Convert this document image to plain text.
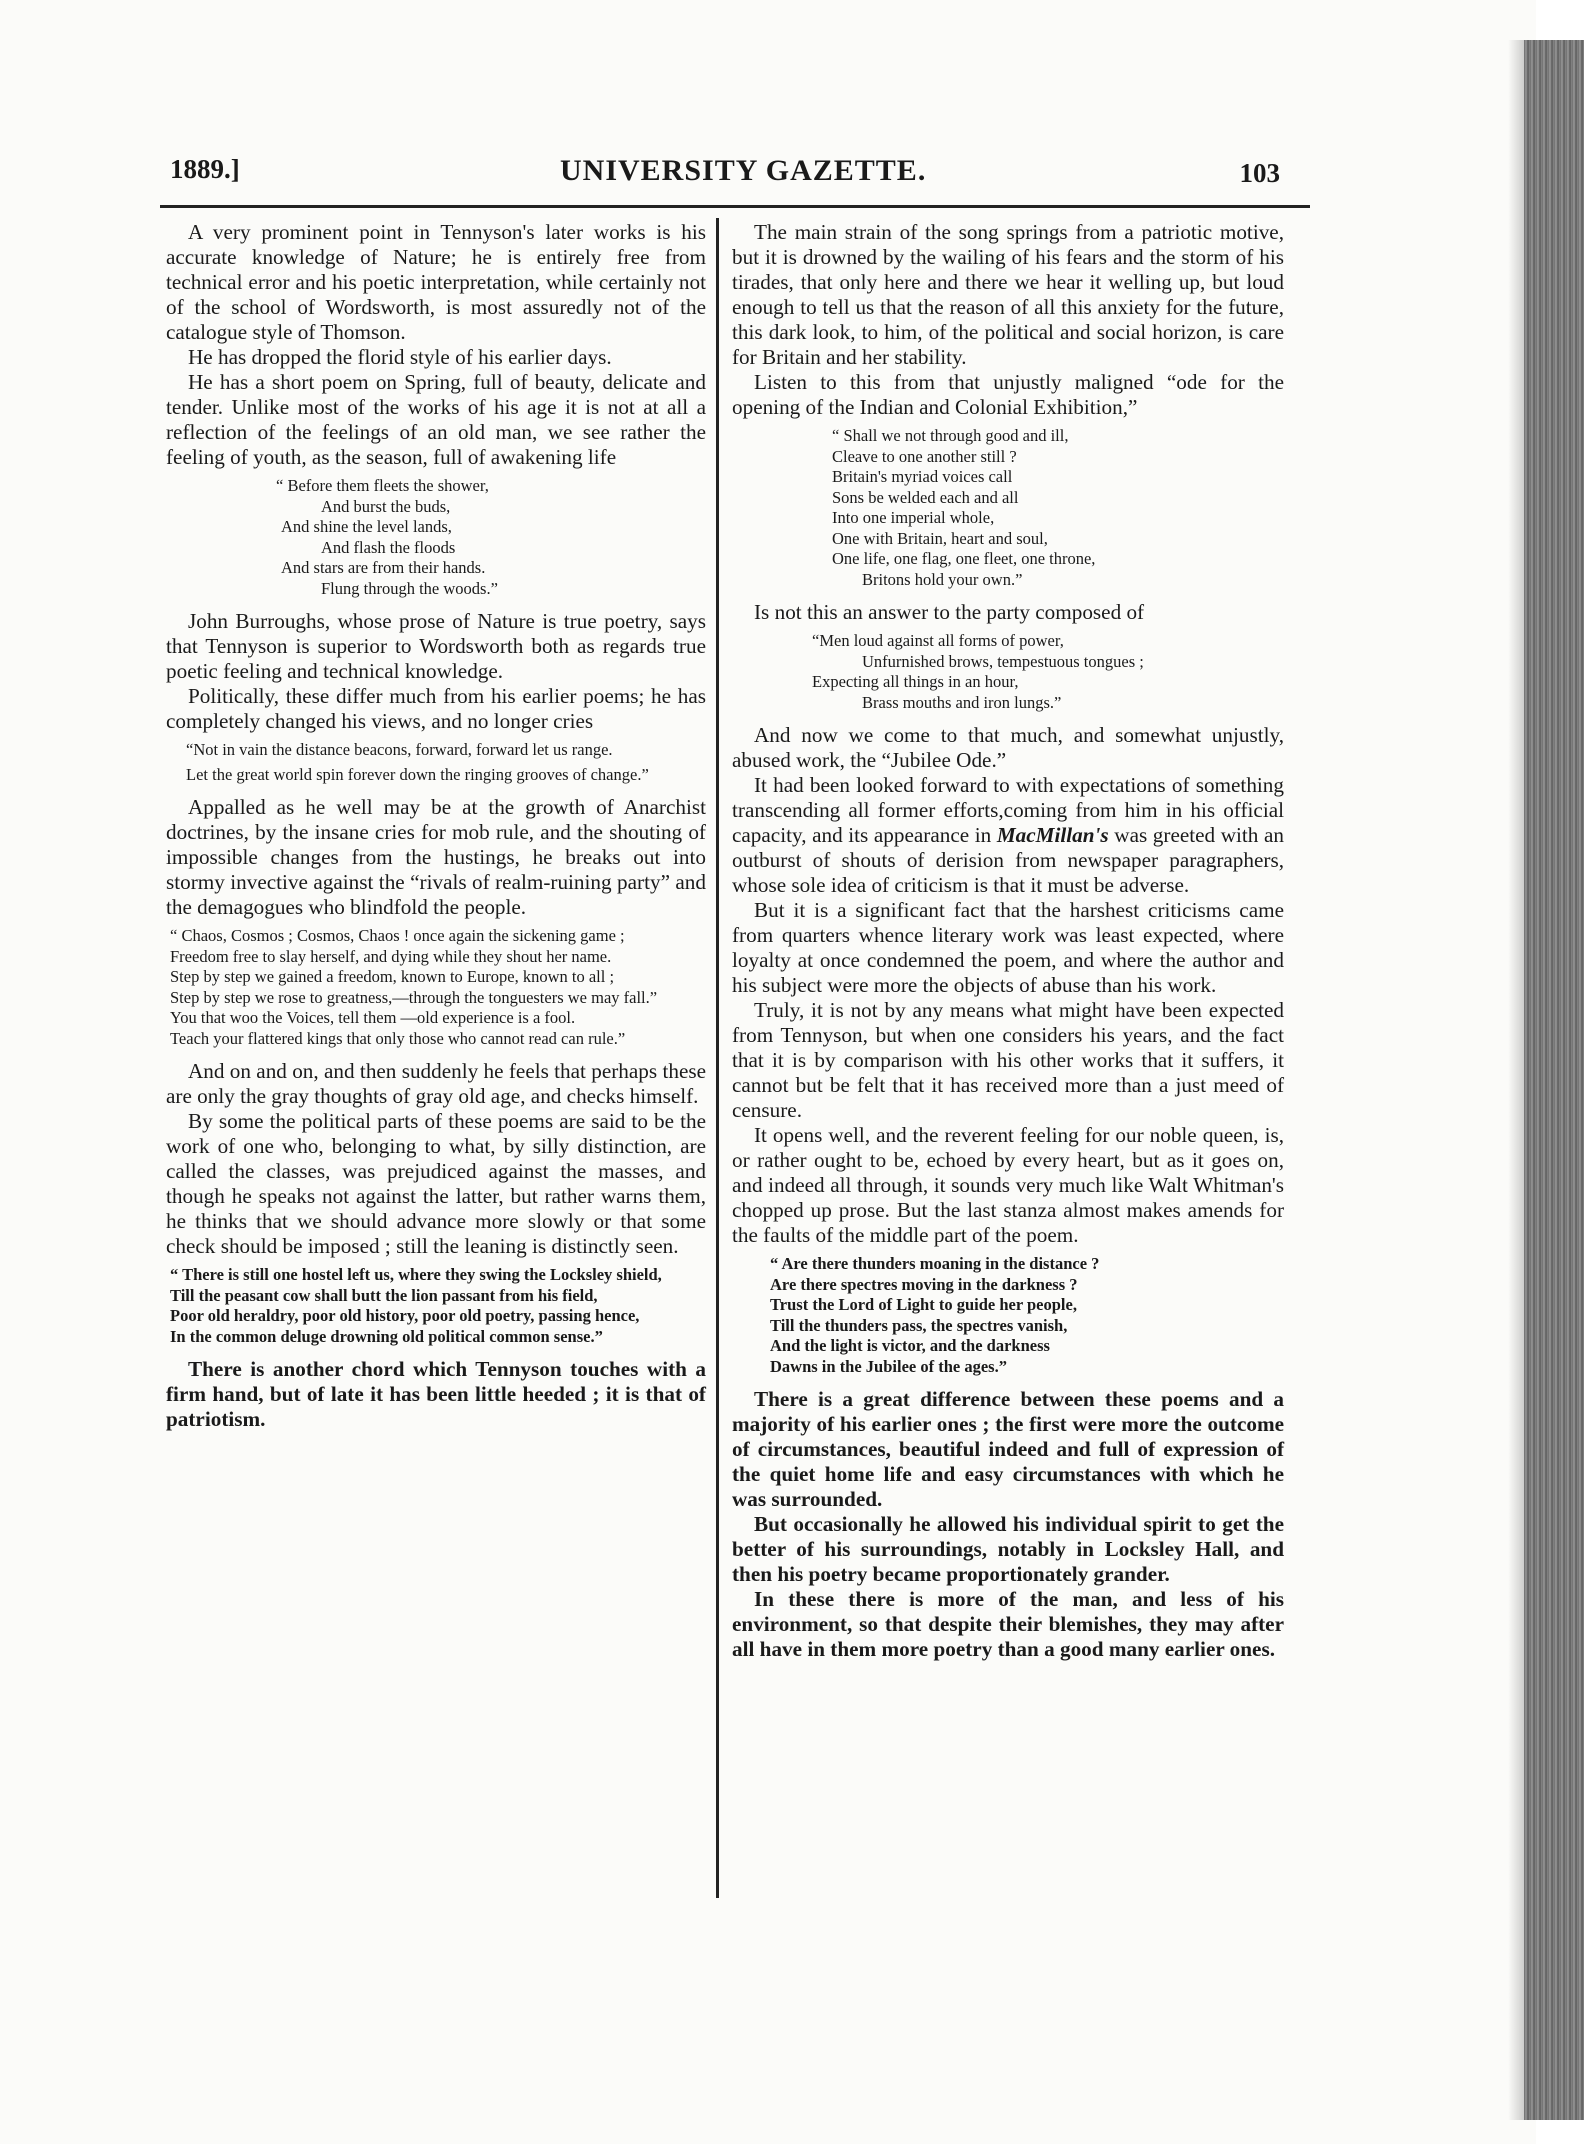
1889.]	UNIVERSITY GAZETTE.	103

A very prominent point in Tennyson's later works is his accurate knowledge of Nature; he is entirely free from technical error and his poetic interpretation, while certainly not of the school of Wordsworth, is most assuredly not of the catalogue style of Thomson.

He has dropped the florid style of his earlier days.

He has a short poem on Spring, full of beauty, delicate and tender. Unlike most of the works of his age it is not at all a reflection of the feelings of an old man, we see rather the feeling of youth, as the season, full of awakening life

“ Before them fleets the shower,
And burst the buds,
And shine the level lands,
And flash the floods
And stars are from their hands.
Flung through the woods.”

John Burroughs, whose prose of Nature is true poetry, says that Tennyson is superior to Wordsworth both as regards true poetic feeling and technical knowledge.

Politically, these differ much from his earlier poems; he has completely changed his views, and no longer cries

“Not in vain the distance beacons, forward, forward let us range.
Let the great world spin forever down the ringing grooves of change.”

Appalled as he well may be at the growth of Anarchist doctrines, by the insane cries for mob rule, and the shouting of impossible changes from the hustings, he breaks out into stormy invective against the “rivals of realm-ruining party” and the demagogues who blindfold the people.

“ Chaos, Cosmos ; Cosmos, Chaos ! once again the sickening game ;
Freedom free to slay herself, and dying while they shout her name.
Step by step we gained a freedom, known to Europe, known to all ;
Step by step we rose to greatness,—through the tonguesters we may fall.”
You that woo the Voices, tell them —old experience is a fool.
Teach your flattered kings that only those who cannot read can rule.”

And on and on, and then suddenly he feels that perhaps these are only the gray thoughts of gray old age, and checks himself.

By some the political parts of these poems are said to be the work of one who, belonging to what, by silly distinction, are called the classes, was prejudiced against the masses, and though he speaks not against the latter, but rather warns them, he thinks that we should advance more slowly or that some check should be imposed ; still the leaning is distinctly seen.

“ There is still one hostel left us, where they swing the Locksley shield,
Till the peasant cow shall butt the lion passant from his field,
Poor old heraldry, poor old history, poor old poetry, passing hence,
In the common deluge drowning old political common sense.”

There is another chord which Tennyson touches with a firm hand, but of late it has been little heeded ; it is that of patriotism.

The main strain of the song springs from a patriotic motive, but it is drowned by the wailing of his fears and the storm of his tirades, that only here and there we hear it welling up, but loud enough to tell us that the reason of all this anxiety for the future, this dark look, to him, of the political and social horizon, is care for Britain and her stability.

Listen to this from that unjustly maligned “ode for the opening of the Indian and Colonial Exhibition,”

“ Shall we not through good and ill,
Cleave to one another still ?
Britain's myriad voices call
Sons be welded each and all
Into one imperial whole,
One with Britain, heart and soul,
One life, one flag, one fleet, one throne,
Britons hold your own.”

Is not this an answer to the party composed of

“Men loud against all forms of power,
Unfurnished brows, tempestuous tongues ;
Expecting all things in an hour,
Brass mouths and iron lungs.”

And now we come to that much, and somewhat unjustly, abused work, the “Jubilee Ode.”

It had been looked forward to with expectations of something transcending all former efforts,coming from him in his official capacity, and its appearance in MacMillan's was greeted with an outburst of shouts of derision from newspaper paragraphers, whose sole idea of criticism is that it must be adverse.

But it is a significant fact that the harshest criticisms came from quarters whence literary work was least expected, where loyalty at once condemned the poem, and where the author and his subject were more the objects of abuse than his work.

Truly, it is not by any means what might have been expected from Tennyson, but when one considers his years, and the fact that it is by comparison with his other works that it suffers, it cannot but be felt that it has received more than a just meed of censure.

It opens well, and the reverent feeling for our noble queen, is, or rather ought to be, echoed by every heart, but as it goes on, and indeed all through, it sounds very much like Walt Whitman's chopped up prose. But the last stanza almost makes amends for the faults of the middle part of the poem.

“ Are there thunders moaning in the distance ?
Are there spectres moving in the darkness ?
Trust the Lord of Light to guide her people,
Till the thunders pass, the spectres vanish,
And the light is victor, and the darkness
Dawns in the Jubilee of the ages.”

There is a great difference between these poems and a majority of his earlier ones ; the first were more the outcome of circumstances, beautiful indeed and full of expression of the quiet home life and easy circumstances with which he was surrounded.

But occasionally he allowed his individual spirit to get the better of his surroundings, notably in Locksley Hall, and then his poetry became proportionately grander.

In these there is more of the man, and less of his environment, so that despite their blemishes, they may after all have in them more poetry than a good many earlier ones.
